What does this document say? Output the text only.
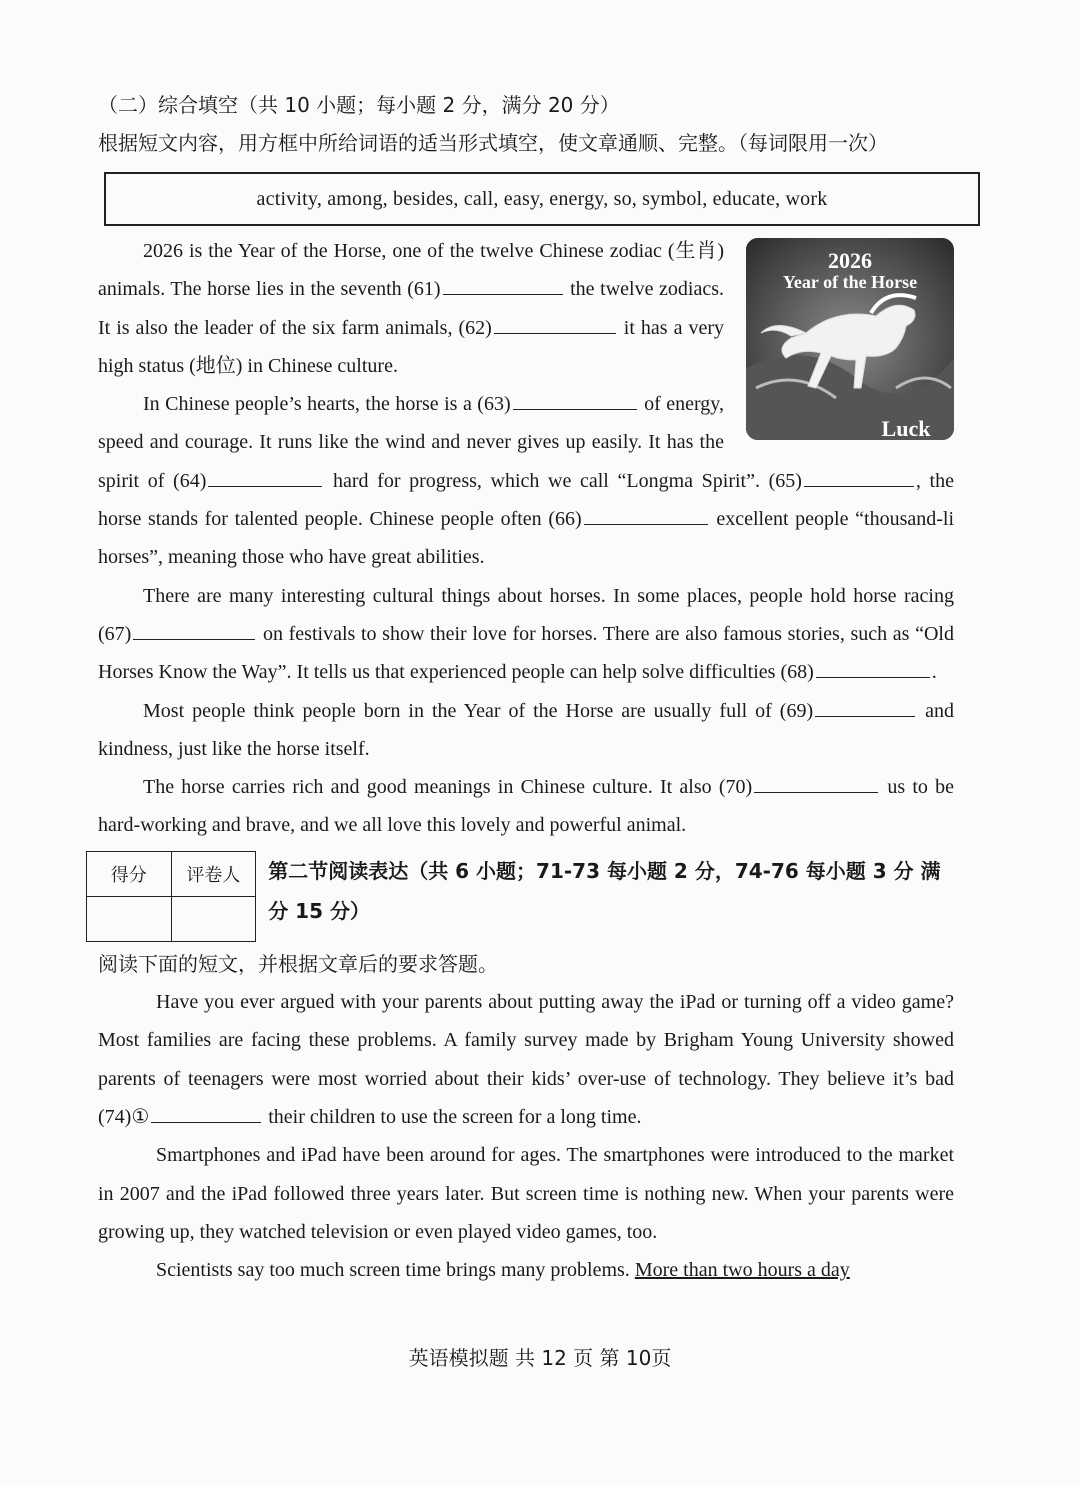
（二）综合填空（共 10 小题；每小题 2 分，满分 20 分）

根据短文内容，用方框中所给词语的适当形式填空，使文章通顺、完整。（每词限用一次）

activity, among, besides, call, easy, energy, so, symbol, educate, work
2026
Year of the Horse
Luck

2026 is the Year of the Horse, one of the twelve Chinese zodiac (生肖) animals. The horse lies in the seventh (61)	the twelve zodiacs. It is also the leader of the six farm animals, (62)	it has a very high status (地位) in Chinese culture.

In Chinese people’s hearts, the horse is a (63)	of energy, speed and courage. It runs like the wind and never gives up easily. It has the spirit of (64)	hard for progress, which we call “Longma Spirit”. (65)	, the horse stands for talented people. Chinese people often (66)	excellent people “thousand-li horses”, meaning those who have great abilities.

There are many interesting cultural things about horses. In some places, people hold horse racing (67)	on festivals to show their love for horses. There are also famous stories, such as “Old Horses Know the Way”. It tells us that experienced people can help solve difficulties (68)	.

Most people think people born in the Year of the Horse are usually full of (69)	and kindness, just like the horse itself.

The horse carries rich and good meanings in Chinese culture. It also (70)	us to be hard-working and brave, and we all love this lovely and powerful animal.

得分	评卷人
	第二节阅读表达（共 6 小题；71-73 每小题 2 分，74-76 每小题 3 分 满分 15 分）

阅读下面的短文，并根据文章后的要求答题。

Have you ever argued with your parents about putting away the iPad or turning off a video game? Most families are facing these problems. A family survey made by Brigham Young University showed parents of teenagers were most worried about their kids’ over-use of technology. They believe it’s bad (74)①	their children to use the screen for a long time.

Smartphones and iPad have been around for ages. The smartphones were introduced to the market in 2007 and the iPad followed three years later. But screen time is nothing new. When your parents were growing up, they watched television or even played video games, too.

Scientists say too much screen time brings many problems. More than two hours a day

英语模拟题 共 12 页 第 10页
